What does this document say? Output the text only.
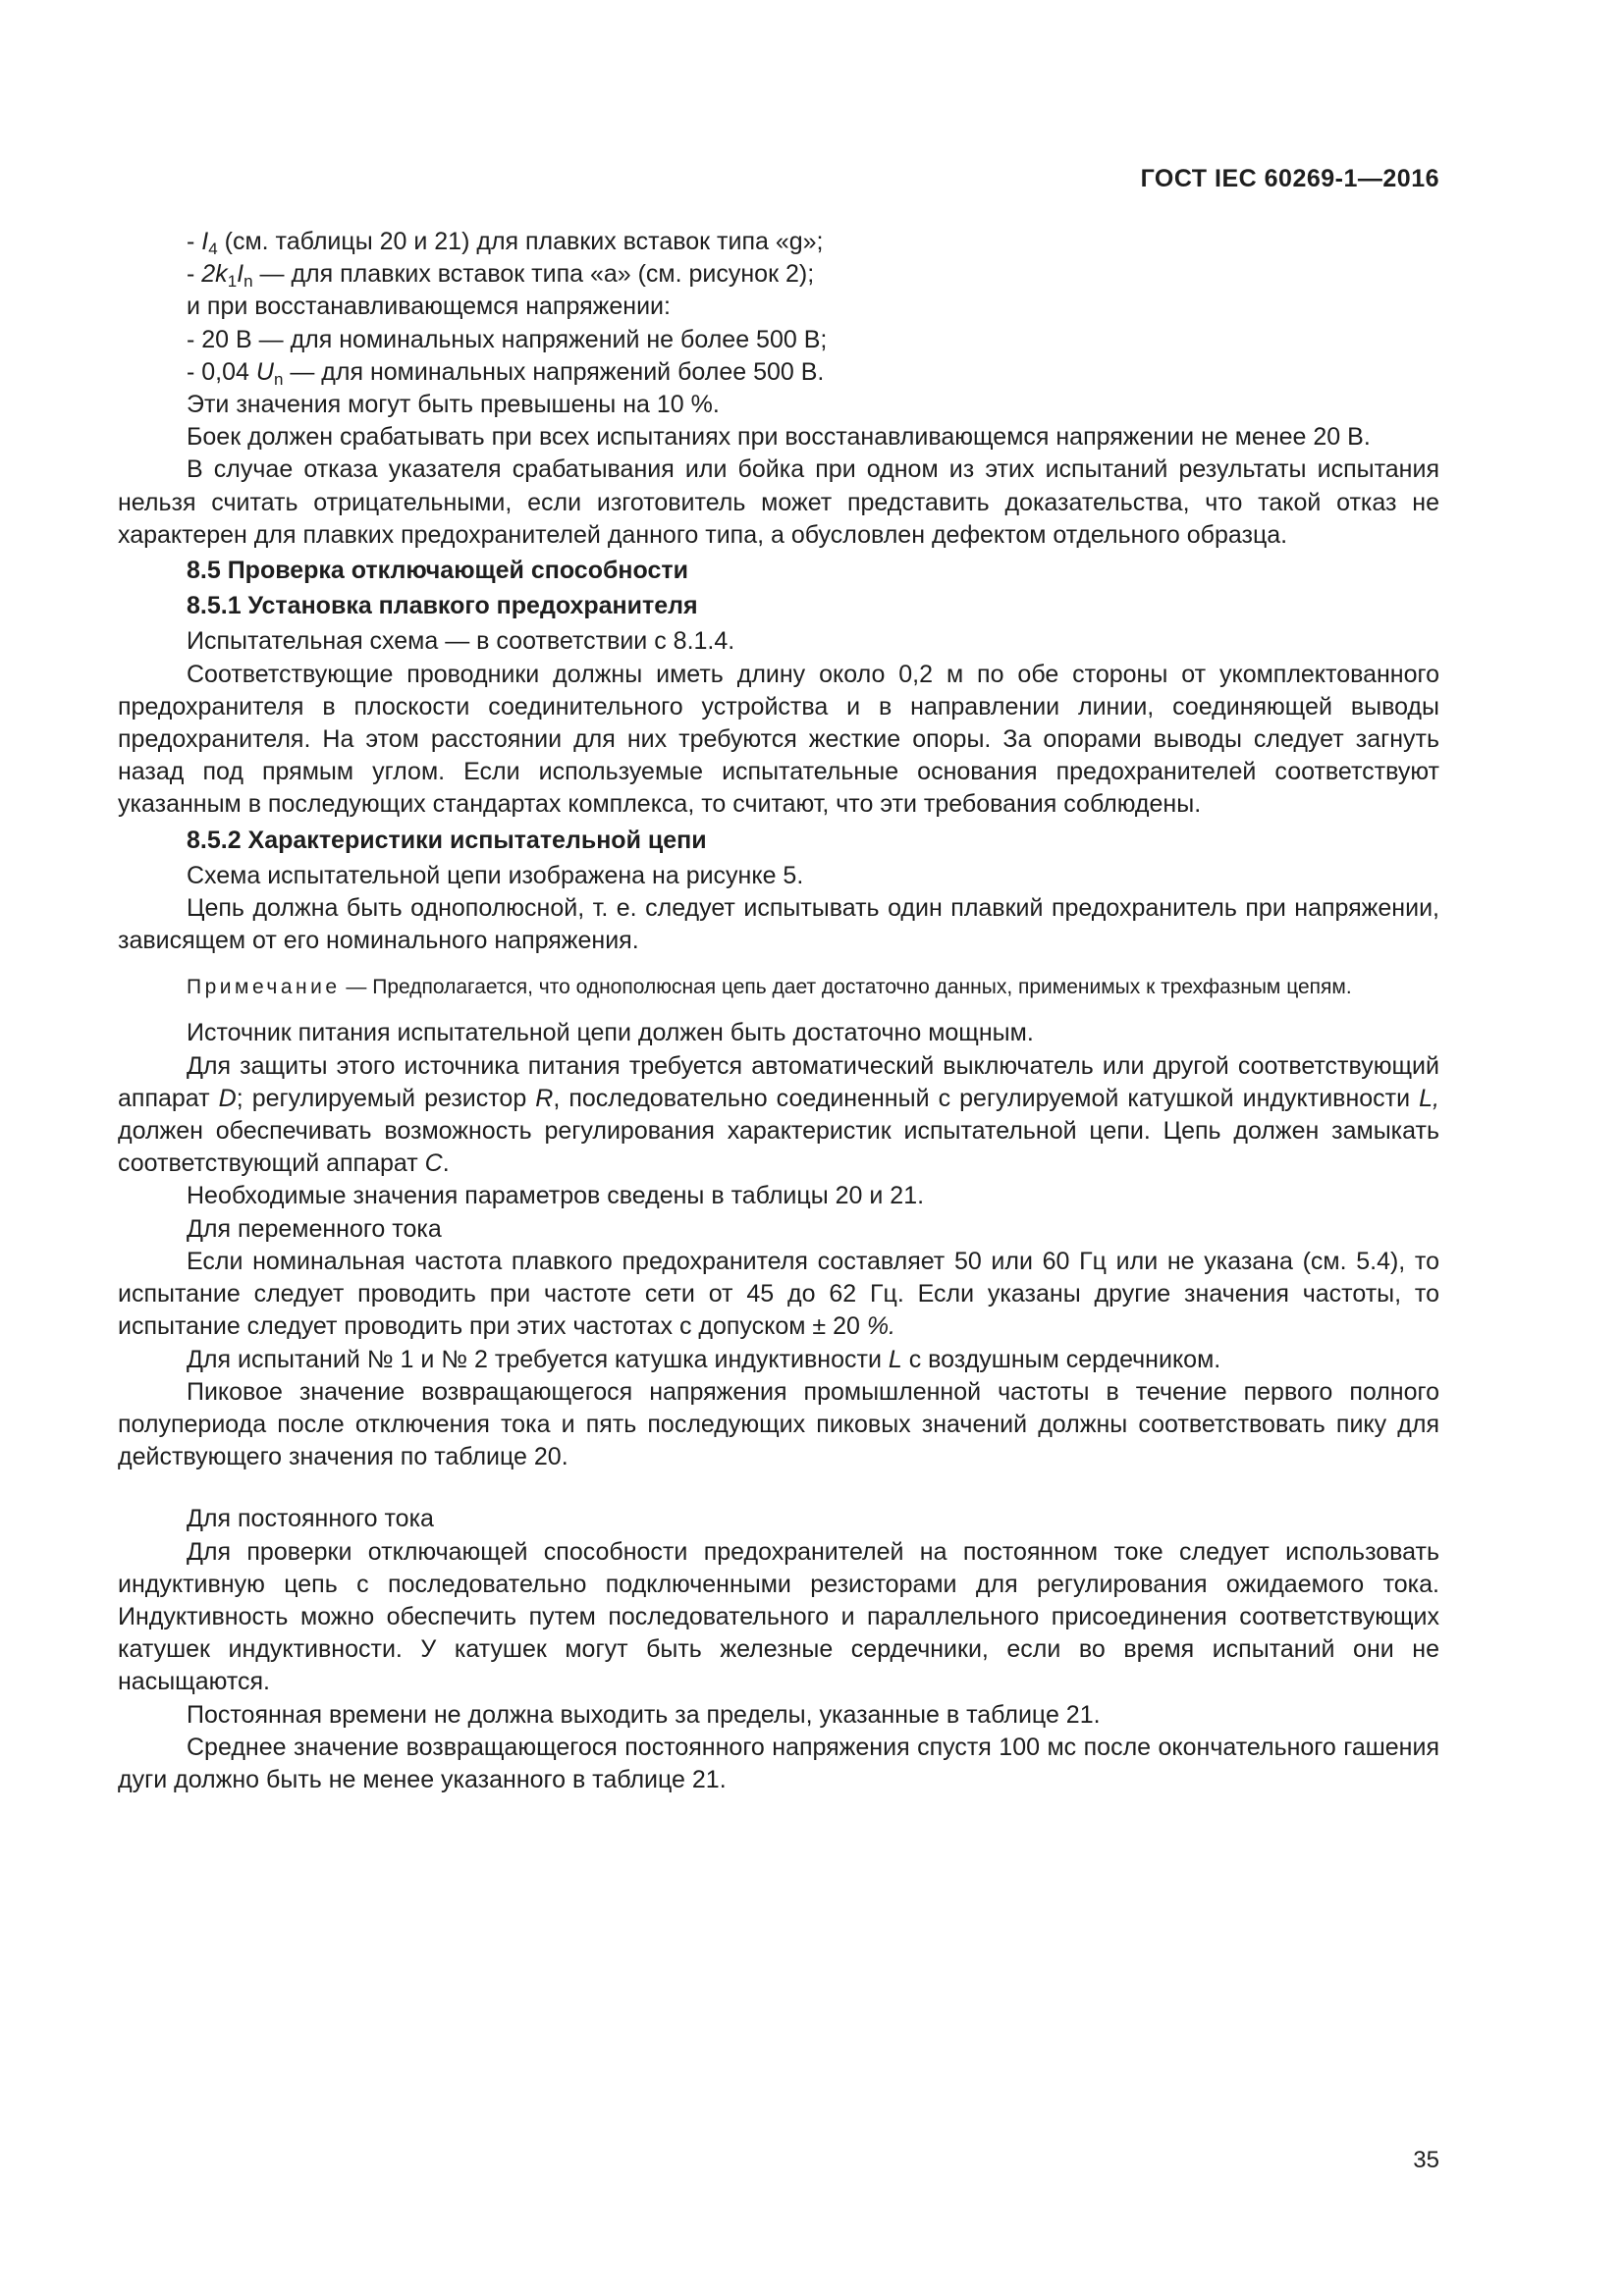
ГОСТ IEC 60269-1—2016

- $I_4$ (см. таблицы 20 и 21) для плавких вставок типа «g»;

- $2k_1I_n$ — для плавких вставок типа «a» (см. рисунок 2);

и при восстанавливающемся напряжении:

- 20 В — для номинальных напряжений не более 500 В;

- 0,04 $U_n$ — для номинальных напряжений более 500 В.

Эти значения могут быть превышены на 10 %.

Боек должен срабатывать при всех испытаниях при восстанавливающемся напряжении не менее 20 В.

В случае отказа указателя срабатывания или бойка при одном из этих испытаний результаты испытания нельзя считать отрицательными, если изготовитель может представить доказательства, что такой отказ не характерен для плавких предохранителей данного типа, а обусловлен дефектом отдельного образца.

8.5 Проверка отключающей способности

8.5.1 Установка плавкого предохранителя

Испытательная схема — в соответствии с 8.1.4.

Соответствующие проводники должны иметь длину около 0,2 м по обе стороны от укомплектованного предохранителя в плоскости соединительного устройства и в направлении линии, соединяющей выводы предохранителя. На этом расстоянии для них требуются жесткие опоры. За опорами выводы следует загнуть назад под прямым углом. Если используемые испытательные основания предохранителей соответствуют указанным в последующих стандартах комплекса, то считают, что эти требования соблюдены.

8.5.2 Характеристики испытательной цепи

Схема испытательной цепи изображена на рисунке 5.

Цепь должна быть однополюсной, т. е. следует испытывать один плавкий предохранитель при напряжении, зависящем от его номинального напряжения.

Примечание — Предполагается, что однополюсная цепь дает достаточно данных, применимых к трехфазным цепям.

Источник питания испытательной цепи должен быть достаточно мощным.

Для защиты этого источника питания требуется автоматический выключатель или другой соответствующий аппарат D; регулируемый резистор R, последовательно соединенный с регулируемой катушкой индуктивности L, должен обеспечивать возможность регулирования характеристик испытательной цепи. Цепь должен замыкать соответствующий аппарат C.

Необходимые значения параметров сведены в таблицы 20 и 21.

Для переменного тока

Если номинальная частота плавкого предохранителя составляет 50 или 60 Гц или не указана (см. 5.4), то испытание следует проводить при частоте сети от 45 до 62 Гц. Если указаны другие значения частоты, то испытание следует проводить при этих частотах с допуском ± 20 %.

Для испытаний № 1 и № 2 требуется катушка индуктивности L с воздушным сердечником.

Пиковое значение возвращающегося напряжения промышленной частоты в течение первого полного полупериода после отключения тока и пять последующих пиковых значений должны соответствовать пику для действующего значения по таблице 20.

Для постоянного тока

Для проверки отключающей способности предохранителей на постоянном токе следует использовать индуктивную цепь с последовательно подключенными резисторами для регулирования ожидаемого тока. Индуктивность можно обеспечить путем последовательного и параллельного присоединения соответствующих катушек индуктивности. У катушек могут быть железные сердечники, если во время испытаний они не насыщаются.

Постоянная времени не должна выходить за пределы, указанные в таблице 21.

Среднее значение возвращающегося постоянного напряжения спустя 100 мс после окончательного гашения дуги должно быть не менее указанного в таблице 21.

35
